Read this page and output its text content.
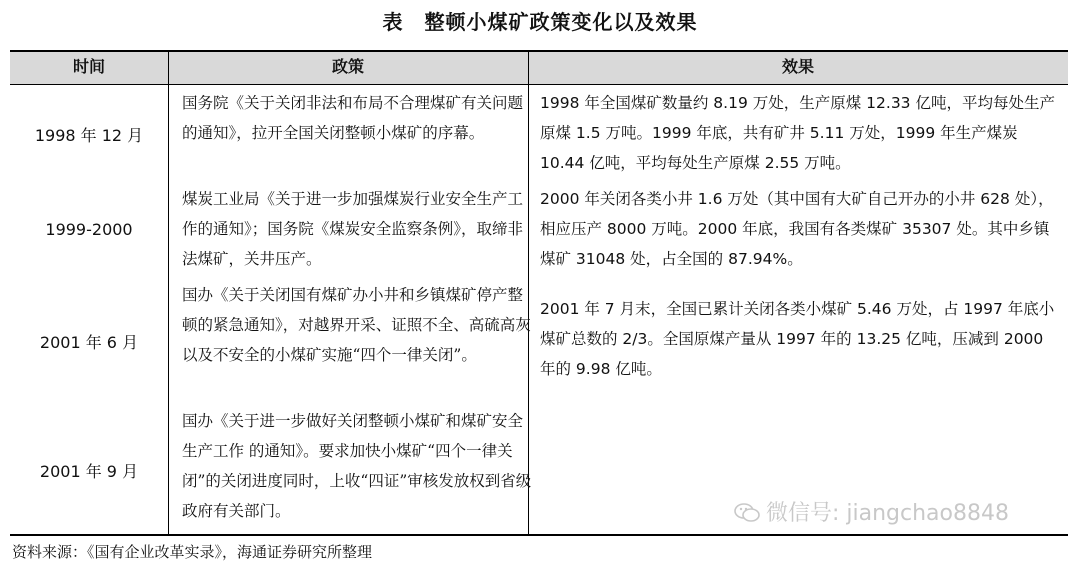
表　整顿小煤矿政策变化以及效果
时间	政策	效果
1998 年 12 月
1999-2000
2001 年 6 月
2001 年 9 月
国务院《关于关闭非法和布局不合理煤矿有关问题的通知》，拉开全国关闭整顿小煤矿的序幕。
煤炭工业局《关于进一步加强煤炭行业安全生产工作的通知》；国务院《煤炭安全监察条例》，取缔非法煤矿，关井压产。
国办《关于关闭国有煤矿办小井和乡镇煤矿停产整顿的紧急通知》，对越界开采、证照不全、高硫高灰以及不安全的小煤矿实施“四个一律关闭”。
国办《关于进一步做好关闭整顿小煤矿和煤矿安全生产工作 的通知》。要求加快小煤矿“四个一律关闭”的关闭进度同时，上收“四证”审核发放权到省级政府有关部门。
1998 年全国煤矿数量约 8.19 万处，生产原煤 12.33 亿吨，平均每处生产原煤 1.5 万吨。1999 年底，共有矿井 5.11 万处，1999 年生产煤炭 10.44 亿吨，平均每处生产原煤 2.55 万吨。
2000 年关闭各类小井 1.6 万处（其中国有大矿自己开办的小井 628 处），相应压产 8000 万吨。2000 年底，我国有各类煤矿 35307 处。其中乡镇煤矿 31048 处，占全国的 87.94%。
2001 年 7 月末，全国已累计关闭各类小煤矿 5.46 万处，占 1997 年底小煤矿总数的 2/3。全国原煤产量从 1997 年的 13.25 亿吨，压减到 2000 年的 9.98 亿吨。
微信号: jiangchao8848
资料来源：《国有企业改革实录》，海通证券研究所整理
